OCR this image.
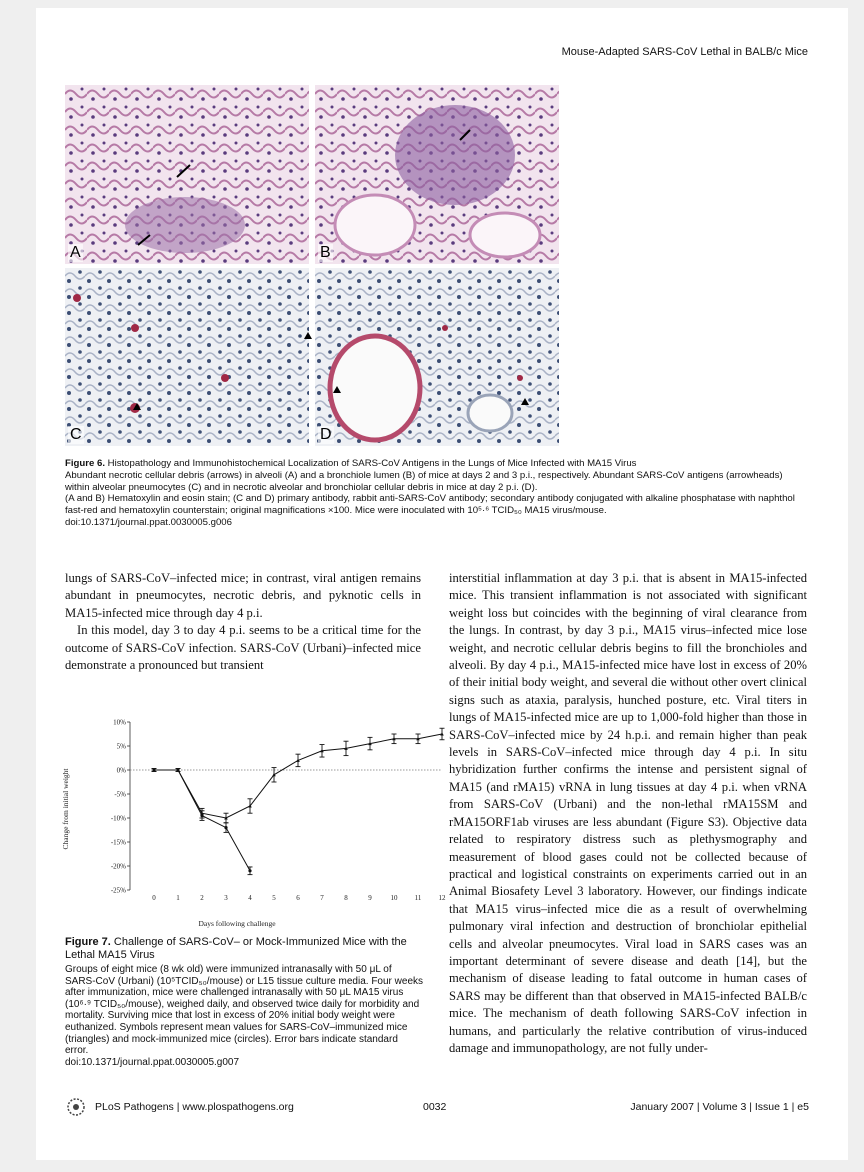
Mouse-Adapted SARS-CoV Lethal in BALB/c Mice
A	B
C	D
Figure 6. Histopathology and Immunohistochemical Localization of SARS-CoV Antigens in the Lungs of Mice Infected with MA15 Virus
Abundant necrotic cellular debris (arrows) in alveoli (A) and a bronchiole lumen (B) of mice at days 2 and 3 p.i., respectively. Abundant SARS-CoV antigens (arrowheads) within alveolar pneumocytes (C) and in necrotic alveolar and bronchiolar cellular debris in mice at day 2 p.i. (D).
(A and B) Hematoxylin and eosin stain; (C and D) primary antibody, rabbit anti-SARS-CoV antibody; secondary antibody conjugated with alkaline phosphatase with naphthol fast-red and hematoxylin counterstain; original magnifications ×100. Mice were inoculated with 10⁵·⁶ TCID₅₀ MA15 virus/mouse.
doi:10.1371/journal.ppat.0030005.g006

lungs of SARS-CoV–infected mice; in contrast, viral antigen remains abundant in pneumocytes, necrotic debris, and pyknotic cells in MA15-infected mice through day 4 p.i.

In this model, day 3 to day 4 p.i. seems to be a critical time for the outcome of SARS-CoV infection. SARS-CoV (Urbani)–infected mice demonstrate a pronounced but transient

10%
5%
0%
-5%
-10%
-15%
-20%
-25%
0	1	2	3	4	5	6	7	8	9	10 11 12
Days following challenge
Change from initial weight
Figure 7. Challenge of SARS-CoV– or Mock-Immunized Mice with the Lethal MA15 Virus
Groups of eight mice (8 wk old) were immunized intranasally with 50 μL of SARS-CoV (Urbani) (10⁵TCID₅₀/mouse) or L15 tissue culture media. Four weeks after immunization, mice were challenged intranasally with 50 μL MA15 virus (10⁶·⁹ TCID₅₀/mouse), weighed daily, and observed twice daily for morbidity and mortality. Surviving mice that lost in excess of 20% initial body weight were euthanized. Symbols represent mean values for SARS-CoV–immunized mice (triangles) and mock-immunized mice (circles). Error bars indicate standard error.
doi:10.1371/journal.ppat.0030005.g007

interstitial inflammation at day 3 p.i. that is absent in MA15-infected mice. This transient inflammation is not associated with significant weight loss but coincides with the beginning of viral clearance from the lungs. In contrast, by day 3 p.i., MA15 virus–infected mice lose weight, and necrotic cellular debris begins to fill the bronchioles and alveoli. By day 4 p.i., MA15-infected mice have lost in excess of 20% of their initial body weight, and several die without other overt clinical signs such as ataxia, paralysis, hunched posture, etc. Viral titers in lungs of MA15-infected mice are up to 1,000-fold higher than those in SARS-CoV–infected mice by 24 h.p.i. and remain higher than peak levels in SARS-CoV–infected mice through day 4 p.i. In situ hybridization further confirms the intense and persistent signal of MA15 (and rMA15) vRNA in lung tissues at day 4 p.i. when vRNA from SARS-CoV (Urbani) and the non-lethal rMA15SM and rMA15ORF1ab viruses are less abundant (Figure S3). Objective data related to respiratory distress such as plethysmography and measurement of blood gases could not be collected because of practical and logistical constraints on experiments carried out in an Animal Biosafety Level 3 laboratory. However, our findings indicate that MA15 virus–infected mice die as a result of overwhelming pulmonary viral infection and destruction of bronchiolar epithelial cells and alveolar pneumocytes. Viral load in SARS cases was an important determinant of severe disease and death [14], but the mechanism of disease leading to fatal outcome in human cases of SARS may be different than that observed in MA15-infected BALB/c mice. The mechanism of death following SARS-CoV infection in humans, and particularly the relative contribution of virus-induced damage and immunopathology, are not fully under-

PLoS Pathogens | www.plospathogens.org	0032	January 2007 | Volume 3 | Issue 1 | e5
